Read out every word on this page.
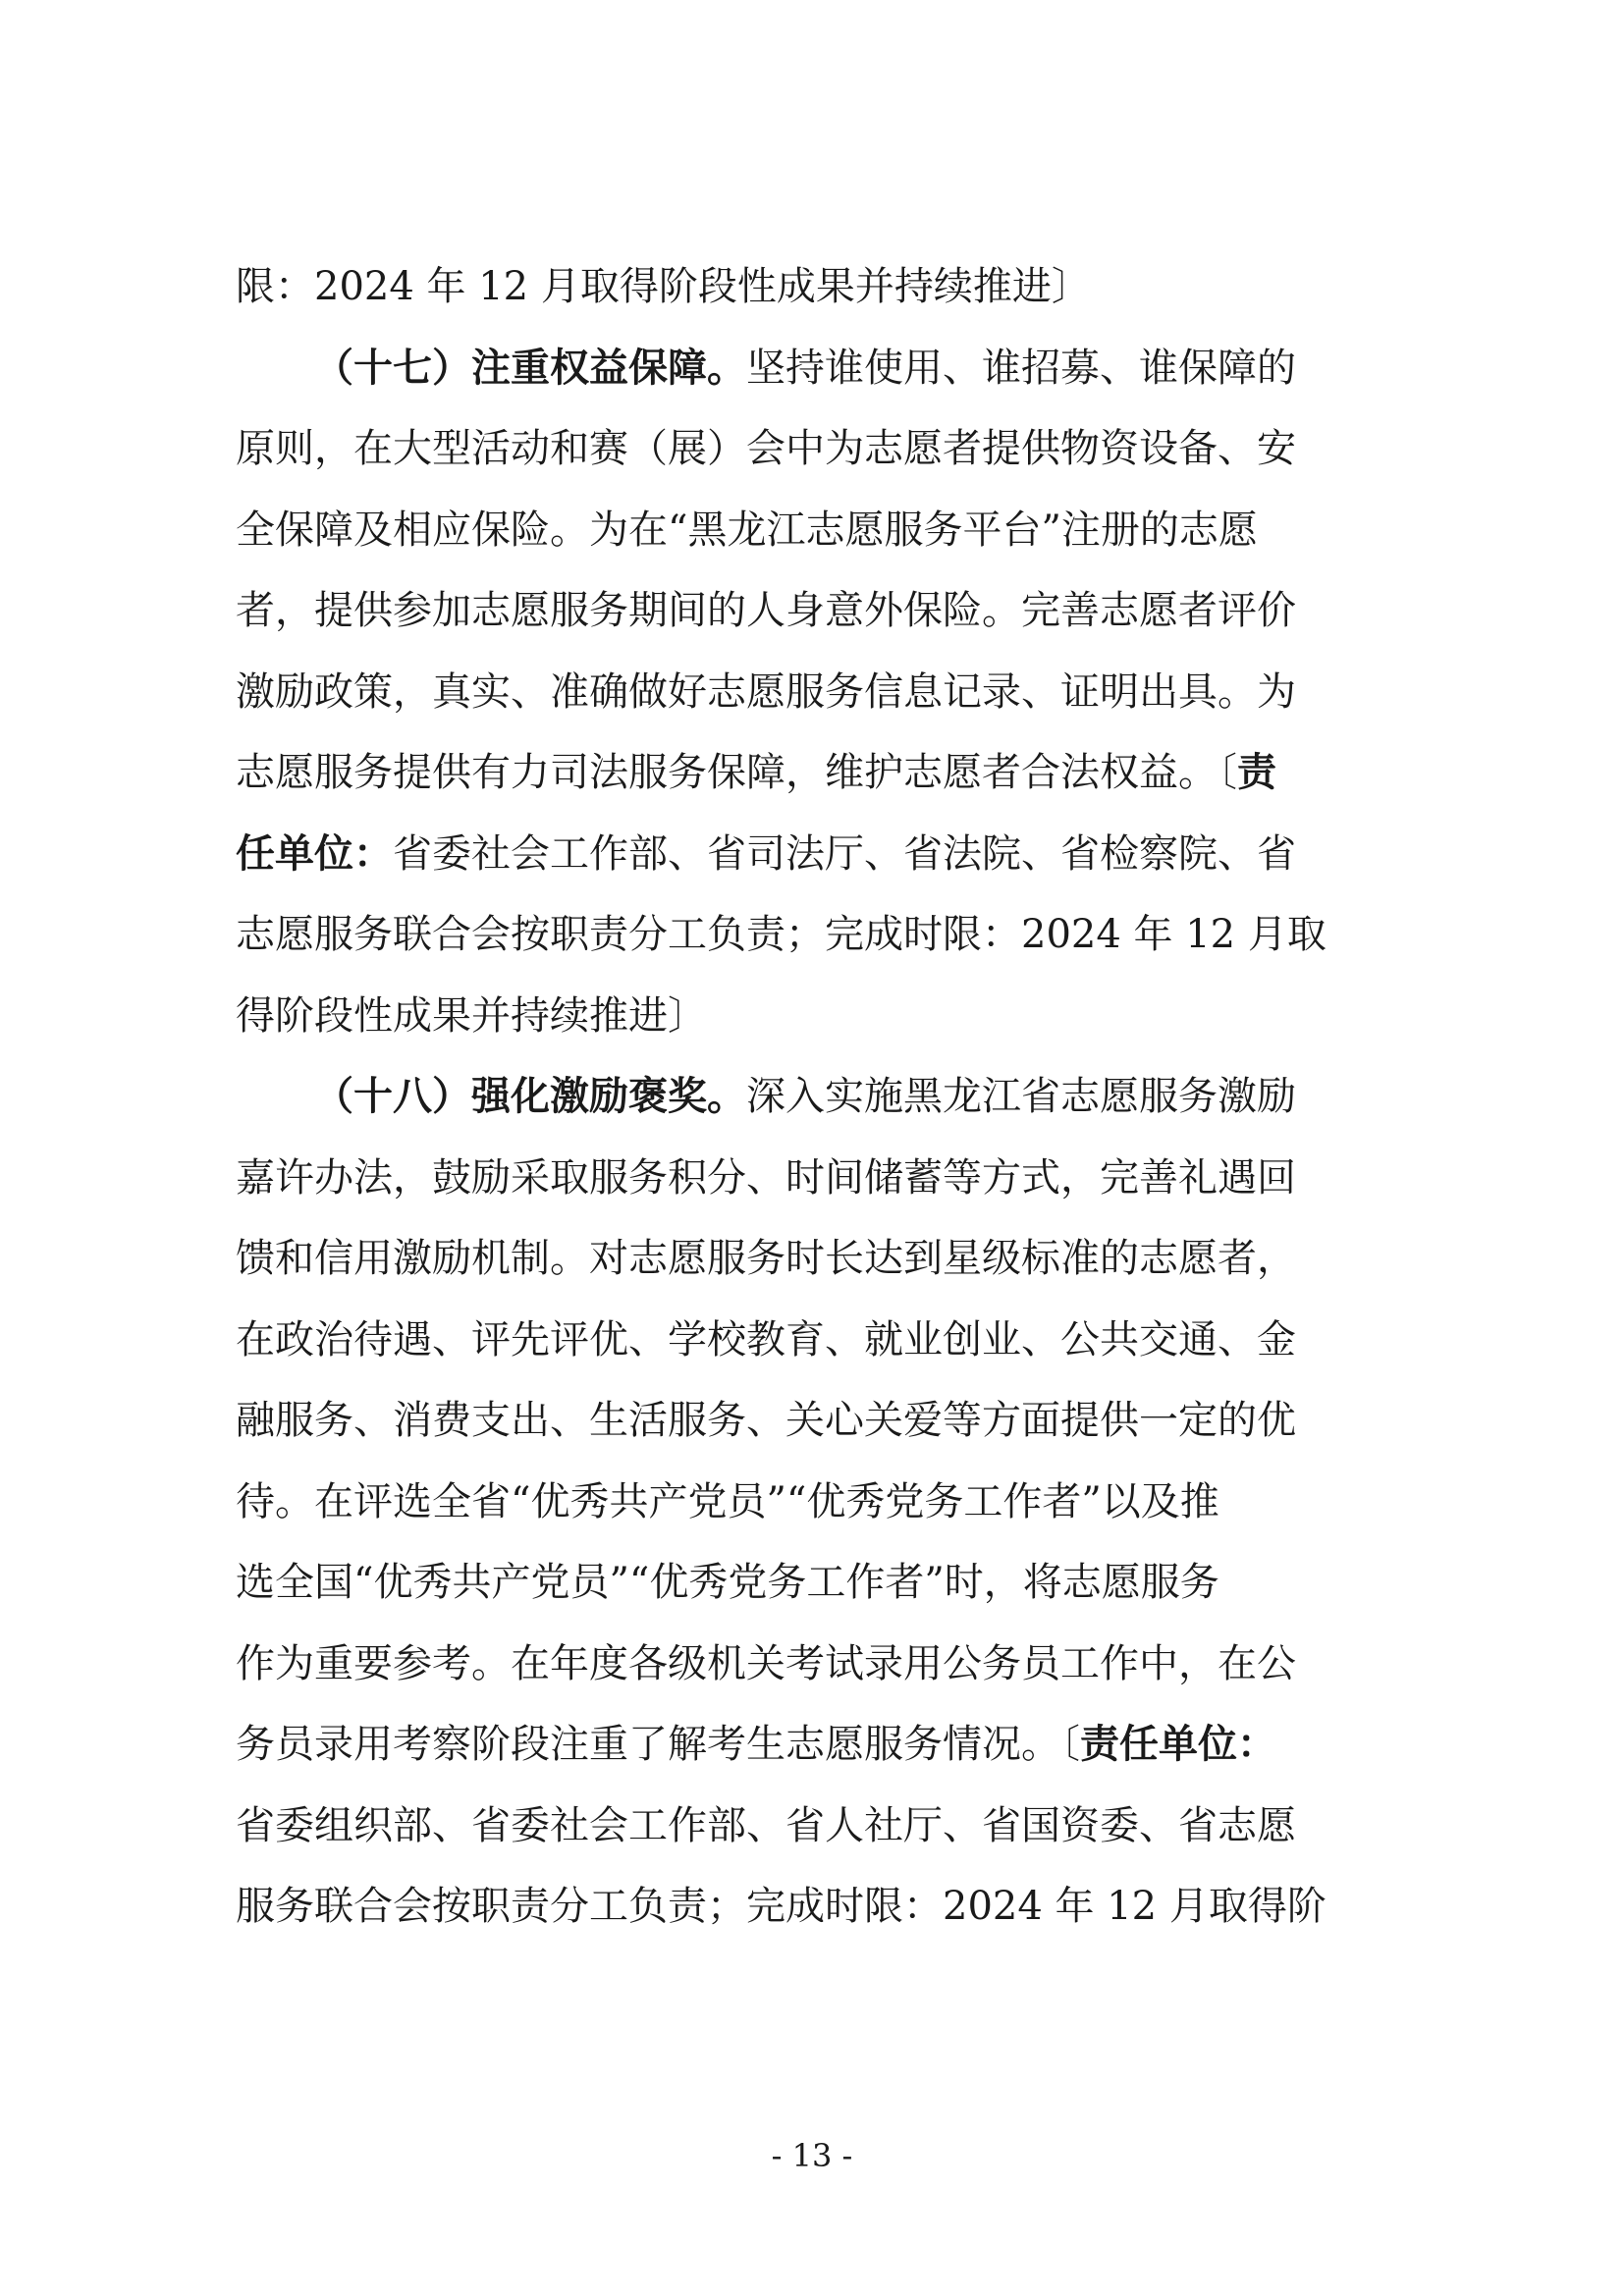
限：2024 年 12 月取得阶段性成果并持续推进〕
（十七）注重权益保障。坚持谁使用、谁招募、谁保障的
原则，在大型活动和赛（展）会中为志愿者提供物资设备、安
全保障及相应保险。为在“黑龙江志愿服务平台”注册的志愿
者，提供参加志愿服务期间的人身意外保险。完善志愿者评价
激励政策，真实、准确做好志愿服务信息记录、证明出具。为
志愿服务提供有力司法服务保障，维护志愿者合法权益。〔责
任单位：省委社会工作部、省司法厅、省法院、省检察院、省
志愿服务联合会按职责分工负责；完成时限：2024 年 12 月取
得阶段性成果并持续推进〕
（十八）强化激励褒奖。深入实施黑龙江省志愿服务激励
嘉许办法，鼓励采取服务积分、时间储蓄等方式，完善礼遇回
馈和信用激励机制。对志愿服务时长达到星级标准的志愿者，
在政治待遇、评先评优、学校教育、就业创业、公共交通、金
融服务、消费支出、生活服务、关心关爱等方面提供一定的优
待。在评选全省“优秀共产党员”“优秀党务工作者”以及推
选全国“优秀共产党员”“优秀党务工作者”时，将志愿服务
作为重要参考。在年度各级机关考试录用公务员工作中，在公
务员录用考察阶段注重了解考生志愿服务情况。〔责任单位：
省委组织部、省委社会工作部、省人社厅、省国资委、省志愿
服务联合会按职责分工负责；完成时限：2024 年 12 月取得阶
- 13 -
